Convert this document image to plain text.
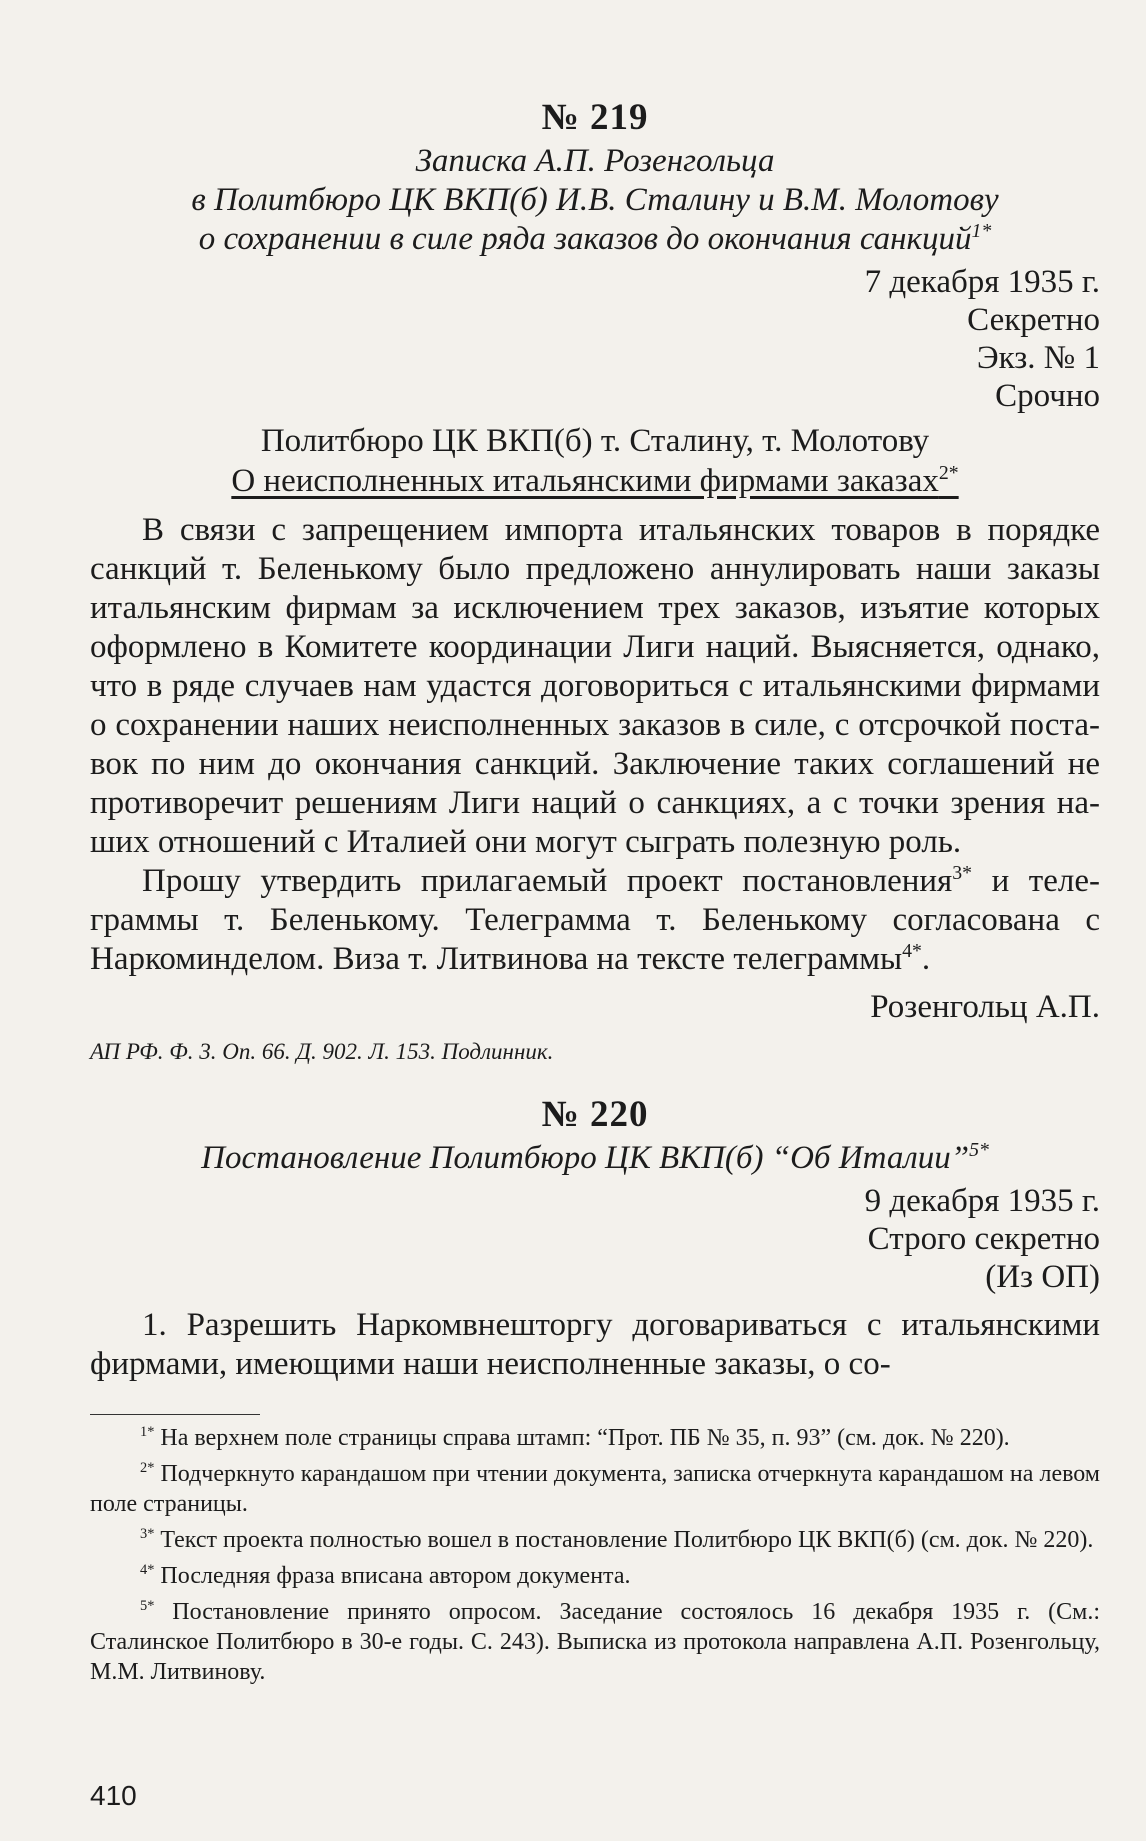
№ 219

Записка А.П. Розенгольца
в Политбюро ЦК ВКП(б) И.В. Сталину и В.М. Молотову
о сохранении в силе ряда заказов до окончания санкций$^{1*}$

7 декабря 1935 г.

Секретно

Экз. № 1

Срочно

Политбюро ЦК ВКП(б) т. Сталину, т. Молотову

О неисполненных итальянскими фирмами заказах$^{2*}$

В связи с запрещением импорта итальянских товаров в порядке санкций т. Беленькому было предложено аннулировать наши заказы итальянским фирмам за исключением трех заказов, изъятие которых оформлено в Комитете координации Лиги наций. Выясняется, однако, что в ряде случаев нам удастся договориться с итальянскими фирмами о сохранении наших неисполненных заказов в силе, с отсрочкой поставок по ним до окончания санкций. Заключение таких соглашений не противоречит решениям Лиги наций о санкциях, а с точки зрения наших отношений с Италией они могут сыграть полезную роль.

Прошу утвердить прилагаемый проект постановления$^{3*}$ и телеграммы т. Беленькому. Телеграмма т. Беленькому согласована с Наркоминделом. Виза т. Литвинова на тексте телеграммы$^{4*}$.

Розенгольц А.П.

АП РФ. Ф. 3. Оп. 66. Д. 902. Л. 153. Подлинник.

№ 220

Постановление Политбюро ЦК ВКП(б) “Об Италии”$^{5*}$

9 декабря 1935 г.

Строго секретно

(Из ОП)

1. Разрешить Наркомвнешторгу договариваться с итальянскими фирмами, имеющими наши неисполненные заказы, о со-

$^{1*}$ На верхнем поле страницы справа штамп: “Прот. ПБ № 35, п. 93” (см. док. № 220).

$^{2*}$ Подчеркнуто карандашом при чтении документа, записка отчеркнута карандашом на левом поле страницы.

$^{3*}$ Текст проекта полностью вошел в постановление Политбюро ЦК ВКП(б) (см. док. № 220).

$^{4*}$ Последняя фраза вписана автором документа.

$^{5*}$ Постановление принято опросом. Заседание состоялось 16 декабря 1935 г. (См.: Сталинское Политбюро в 30-е годы. С. 243). Выписка из протокола направлена А.П. Розенгольцу, М.М. Литвинову.

410
